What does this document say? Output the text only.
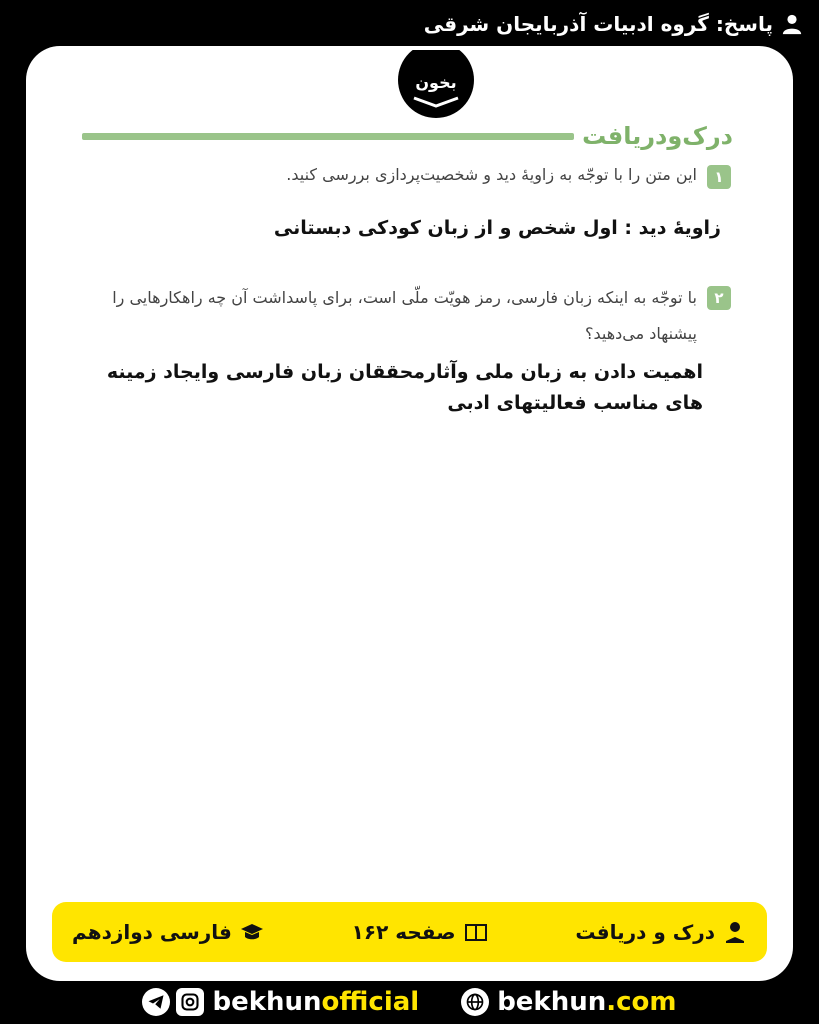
پاسخ: گروه ادبیات آذربایجان شرقی
بخون
درک‌ودریافت
۱
این متن را با توجّه به زاویهٔ دید و شخصیت‌پردازی بررسی کنید.
زاویهٔ دید : اول شخص و از زبان کودکی دبستانی
۲
با توجّه به اینکه زبان فارسی، رمز هویّت ملّی است، برای پاسداشت آن چه راهکارهایی را پیشنهاد می‌دهید؟
اهمیت دادن به زبان ملی وآثارمحققان زبان فارسی وایجاد زمینه های مناسب فعالیتهای ادبی
درک و دریافت
صفحه ۱۶۲
فارسی دوازدهم
bekhunofficial	bekhun.com
